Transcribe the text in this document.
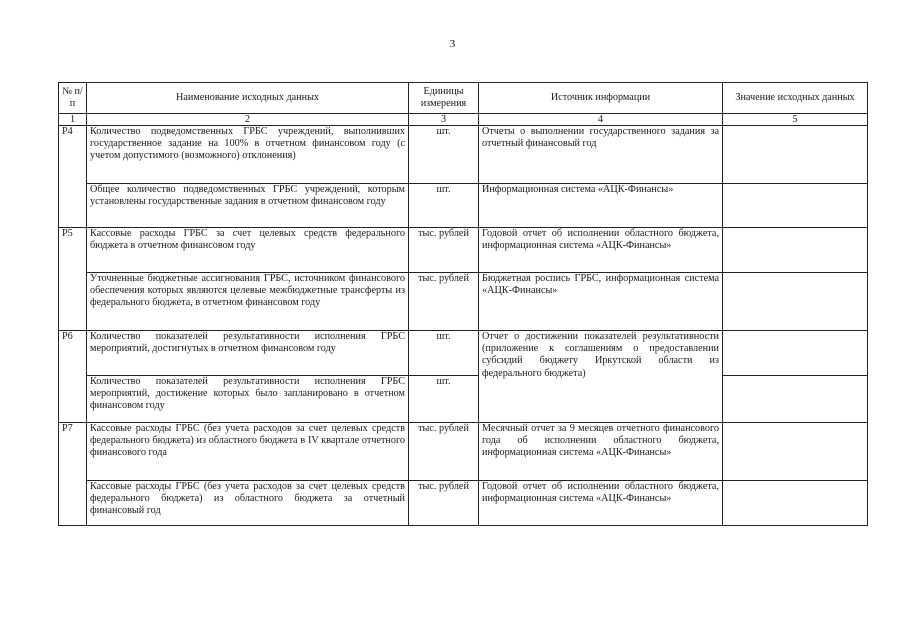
3
№ п/п	Наименование исходных данных	Единицы измерения	Источник информации	Значение исходных данных
1	2	3	4	5
Р4	Количество подведомственных ГРБС учреждений, выполнивших государственное задание на 100% в отчетном финансовом году (с учетом допустимого (возможного) отклонения)	шт.	Отчеты о выполнении государственного задания за отчетный финансовый год	
	Общее количество подведомственных ГРБС учреждений, которым установлены государственные задания в отчетном финансовом году	шт.	Информационная система «АЦК-Финансы»	
Р5	Кассовые расходы ГРБС за счет целевых средств федерального бюджета в отчетном финансовом году	тыс. рублей	Годовой отчет об исполнении областного бюджета, информационная система «АЦК-Финансы»	
	Уточненные бюджетные ассигнования ГРБС, источником финансового обеспечения которых являются целевые межбюджетные трансферты из федерального бюджета, в отчетном финансовом году	тыс. рублей	Бюджетная роспись ГРБС, информационная система «АЦК-Финансы»	
Р6	Количество показателей результативности исполнения ГРБС мероприятий, достигнутых в отчетном финансовом году	шт.	Отчет о достижении показателей результативности (приложение к соглашениям о предоставлении субсидий бюджету Иркутской области из федерального бюджета)	
	Количество показателей результативности исполнения ГРБС мероприятий, достижение которых было запланировано в отчетном финансовом году	шт.		
Р7	Кассовые расходы ГРБС (без учета расходов за счет целевых средств федерального бюджета) из областного бюджета в IV квартале отчетного финансового года	тыс. рублей	Месячный отчет за 9 месяцев отчетного финансового года об исполнении областного бюджета, информационная система «АЦК-Финансы»	
	Кассовые расходы ГРБС (без учета расходов за счет целевых средств федерального бюджета) из областного бюджета за отчетный финансовый год	тыс. рублей	Годовой отчет об исполнении областного бюджета, информационная система «АЦК-Финансы»	
